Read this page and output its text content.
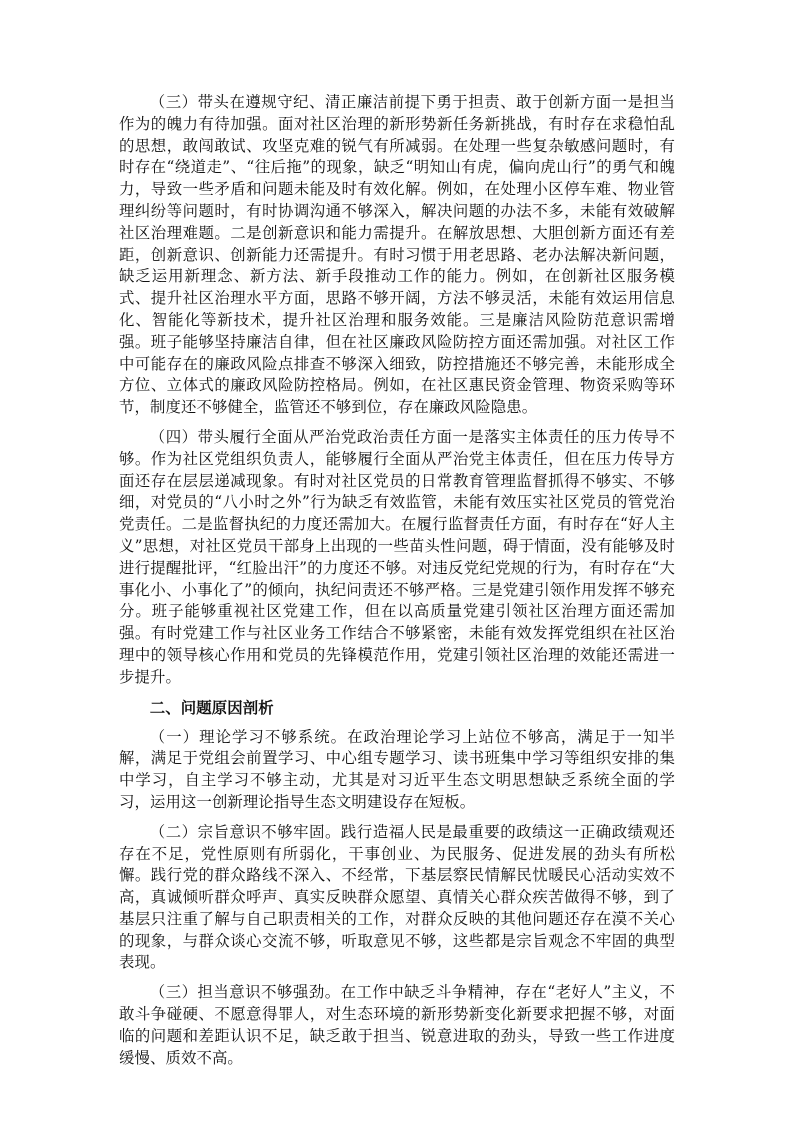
（三）带头在遵规守纪、清正廉洁前提下勇于担责、敢于创新方面一是担当作为的魄力有待加强。面对社区治理的新形势新任务新挑战，有时存在求稳怕乱的思想，敢闯敢试、攻坚克难的锐气有所减弱。在处理一些复杂敏感问题时，有时存在“绕道走”、“往后拖”的现象，缺乏“明知山有虎，偏向虎山行”的勇气和魄力，导致一些矛盾和问题未能及时有效化解。例如，在处理小区停车难、物业管理纠纷等问题时，有时协调沟通不够深入，解决问题的办法不多，未能有效破解社区治理难题。二是创新意识和能力需提升。在解放思想、大胆创新方面还有差距，创新意识、创新能力还需提升。有时习惯于用老思路、老办法解决新问题，缺乏运用新理念、新方法、新手段推动工作的能力。例如，在创新社区服务模式、提升社区治理水平方面，思路不够开阔，方法不够灵活，未能有效运用信息化、智能化等新技术，提升社区治理和服务效能。三是廉洁风险防范意识需增强。班子能够坚持廉洁自律，但在社区廉政风险防控方面还需加强。对社区工作中可能存在的廉政风险点排查不够深入细致，防控措施还不够完善，未能形成全方位、立体式的廉政风险防控格局。例如，在社区惠民资金管理、物资采购等环节，制度还不够健全，监管还不够到位，存在廉政风险隐患。

（四）带头履行全面从严治党政治责任方面一是落实主体责任的压力传导不够。作为社区党组织负责人，能够履行全面从严治党主体责任，但在压力传导方面还存在层层递减现象。有时对社区党员的日常教育管理监督抓得不够实、不够细，对党员的“八小时之外”行为缺乏有效监管，未能有效压实社区党员的管党治党责任。二是监督执纪的力度还需加大。在履行监督责任方面，有时存在“好人主义”思想，对社区党员干部身上出现的一些苗头性问题，碍于情面，没有能够及时进行提醒批评，“红脸出汗”的力度还不够。对违反党纪党规的行为，有时存在“大事化小、小事化了”的倾向，执纪问责还不够严格。三是党建引领作用发挥不够充分。班子能够重视社区党建工作，但在以高质量党建引领社区治理方面还需加强。有时党建工作与社区业务工作结合不够紧密，未能有效发挥党组织在社区治理中的领导核心作用和党员的先锋模范作用，党建引领社区治理的效能还需进一步提升。

二、问题原因剖析

（一）理论学习不够系统。在政治理论学习上站位不够高，满足于一知半解，满足于党组会前置学习、中心组专题学习、读书班集中学习等组织安排的集中学习，自主学习不够主动，尤其是对习近平生态文明思想缺乏系统全面的学习，运用这一创新理论指导生态文明建设存在短板。

（二）宗旨意识不够牢固。践行造福人民是最重要的政绩这一正确政绩观还存在不足，党性原则有所弱化，干事创业、为民服务、促进发展的劲头有所松懈。践行党的群众路线不深入、不经常，下基层察民情解民忧暖民心活动实效不高，真诚倾听群众呼声、真实反映群众愿望、真情关心群众疾苦做得不够，到了基层只注重了解与自己职责相关的工作，对群众反映的其他问题还存在漠不关心的现象，与群众谈心交流不够，听取意见不够，这些都是宗旨观念不牢固的典型表现。

（三）担当意识不够强劲。在工作中缺乏斗争精神，存在“老好人”主义，不敢斗争碰硬、不愿意得罪人，对生态环境的新形势新变化新要求把握不够，对面临的问题和差距认识不足，缺乏敢于担当、锐意进取的劲头，导致一些工作进度缓慢、质效不高。
